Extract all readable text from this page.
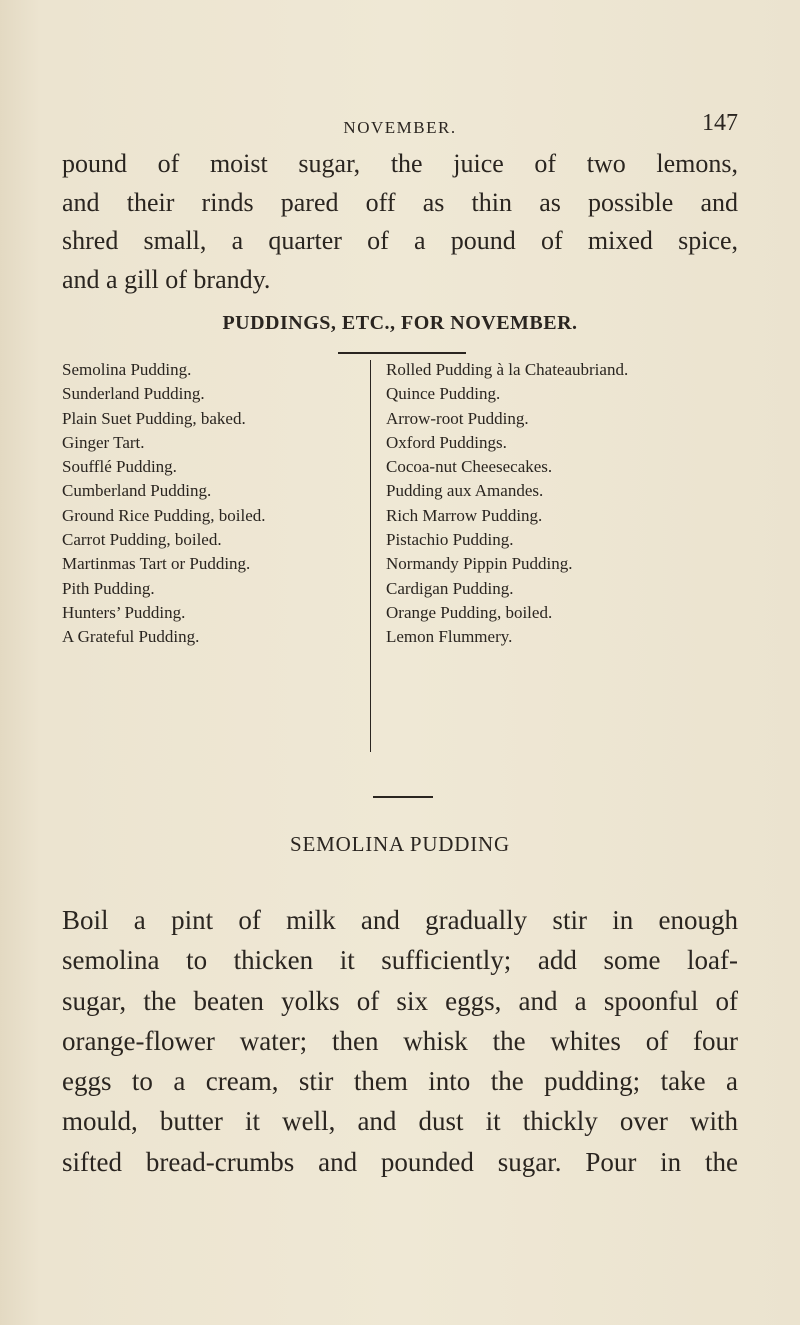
NOVEMBER.	147
pound of moist sugar, the juice of two lemons,
and their rinds pared off as thin as possible and
shred small, a quarter of a pound of mixed spice,
and a gill of brandy.
PUDDINGS, ETC., FOR NOVEMBER.
Semolina Pudding.
Sunderland Pudding.
Plain Suet Pudding, baked.
Ginger Tart.
Soufflé Pudding.
Cumberland Pudding.
Ground Rice Pudding, boiled.
Carrot Pudding, boiled.
Martinmas Tart or Pudding.
Pith Pudding.
Hunters’ Pudding.
A Grateful Pudding.
Rolled Pudding à la Chateaubriand.
Quince Pudding.
Arrow-root Pudding.
Oxford Puddings.
Cocoa-nut Cheesecakes.
Pudding aux Amandes.
Rich Marrow Pudding.
Pistachio Pudding.
Normandy Pippin Pudding.
Cardigan Pudding.
Orange Pudding, boiled.
Lemon Flummery.
SEMOLINA PUDDING
Boil a pint of milk and gradually stir in enough
semolina to thicken it sufficiently; add some loaf-
sugar, the beaten yolks of six eggs, and a spoonful of
orange-flower water; then whisk the whites of four
eggs to a cream, stir them into the pudding; take a
mould, butter it well, and dust it thickly over with
sifted bread-crumbs and pounded sugar. Pour in the
